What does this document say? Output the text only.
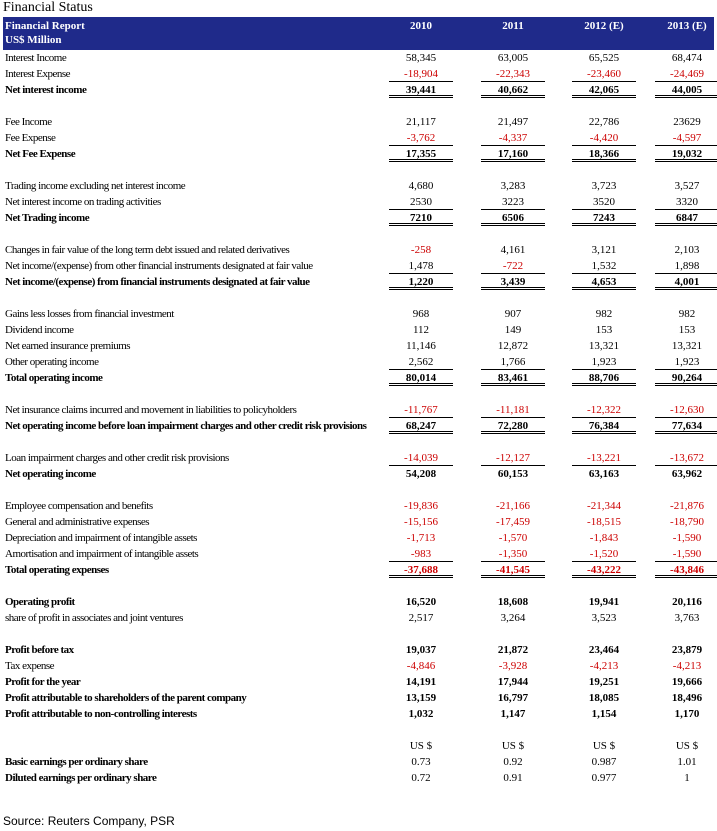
Financial Status
Financial Report
US$ Million
2010	2011	2012 (E)	2013 (E)
Interest Income	58,345	63,005	65,525	68,474
Interest Expense	-18,904	-22,343	-23,460	-24,469
Net interest income	39,441	40,662	42,065	44,005
Fee Income	21,117	21,497	22,786	23629
Fee Expense	-3,762	-4,337	-4,420	-4,597
Net Fee Expense	17,355	17,160	18,366	19,032
Trading income excluding net interest income	4,680	3,283	3,723	3,527
Net interest income on trading activities	2530	3223	3520	3320
Net Trading income	7210	6506	7243	6847
Changes in fair value of the long term debt issued and related derivatives	-258	4,161	3,121	2,103
Net income/(expense) from other financial instruments designated at fair value	1,478	-722	1,532	1,898
Net income/(expense) from financial instruments designated at fair value	1,220	3,439	4,653	4,001
Gains less losses from financial investment	968	907	982	982
Dividend income	112	149	153	153
Net earned insurance premiums	11,146	12,872	13,321	13,321
Other operating income	2,562	1,766	1,923	1,923
Total operating income	80,014	83,461	88,706	90,264
Net insurance claims incurred and movement in liabilities to policyholders	-11,767	-11,181	-12,322	-12,630
Net operating income before loan impairment charges and other credit risk provisions	68,247	72,280	76,384	77,634
Loan impairment charges and other credit risk provisions	-14,039	-12,127	-13,221	-13,672
Net operating income	54,208	60,153	63,163	63,962
Employee compensation and benefits	-19,836	-21,166	-21,344	-21,876
General and administrative expenses	-15,156	-17,459	-18,515	-18,790
Depreciation and impairment of intangible assets	-1,713	-1,570	-1,843	-1,590
Amortisation and impairment of intangible assets	-983	-1,350	-1,520	-1,590
Total operating expenses	-37,688	-41,545	-43,222	-43,846
Operating profit	16,520	18,608	19,941	20,116
share of profit in associates and joint ventures	2,517	3,264	3,523	3,763
Profit before tax	19,037	21,872	23,464	23,879
Tax expense	-4,846	-3,928	-4,213	-4,213
Profit for the year	14,191	17,944	19,251	19,666
Profit attributable to shareholders of the parent company	13,159	16,797	18,085	18,496
Profit attributable to non-controlling interests	1,032	1,147	1,154	1,170
US $	US $	US $	US $
Basic earnings per ordinary share	0.73	0.92	0.987	1.01
Diluted earnings per ordinary share	0.72	0.91	0.977	1
Source: Reuters Company, PSR
